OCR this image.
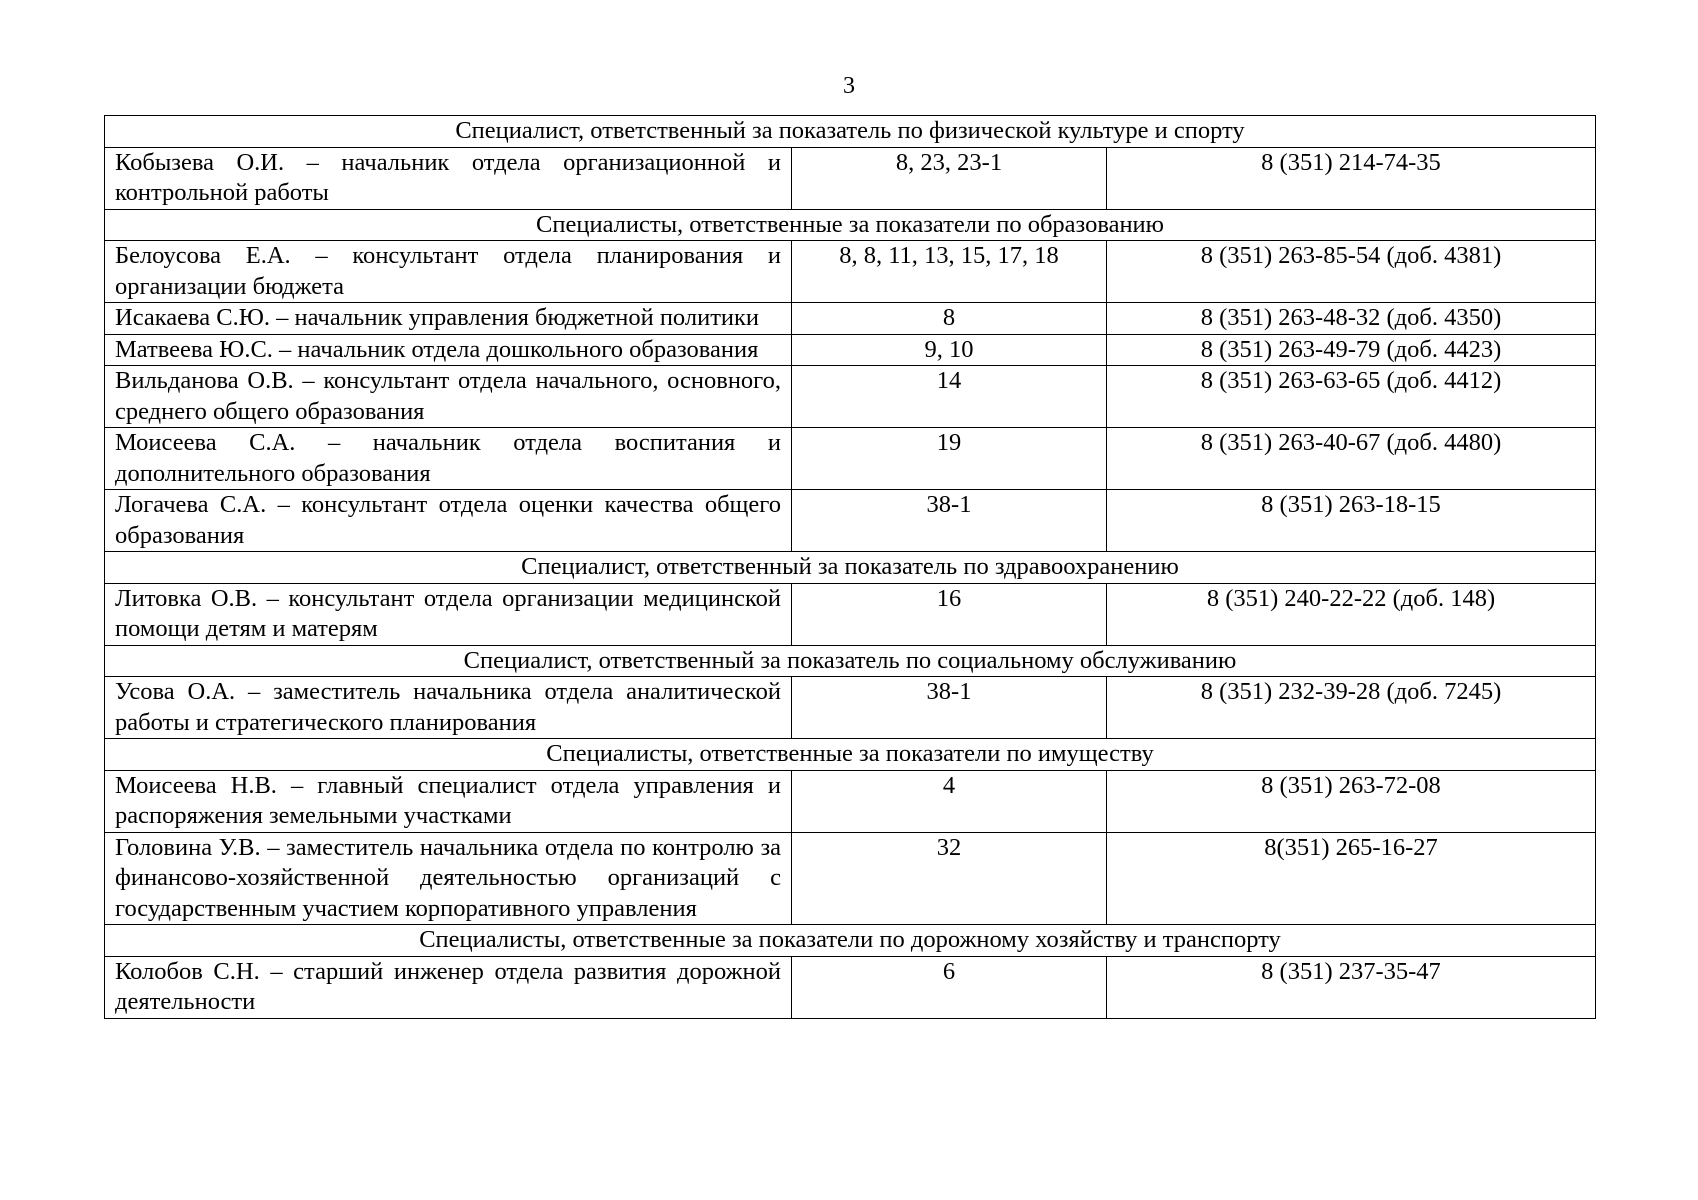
3
Специалист, ответственный за показатель по физической культуре и спорту		
Кобызева О.И. – начальник отдела организационной и контрольной работы	8, 23, 23-1	8 (351) 214-74-35
Специалисты, ответственные за показатели по образованию		
Белоусова Е.А. – консультант отдела планирования и организации бюджета	8, 8, 11, 13, 15, 17, 18	8 (351) 263-85-54 (доб. 4381)
Исакаева С.Ю. – начальник управления бюджетной политики	8	8 (351) 263-48-32 (доб. 4350)
Матвеева Ю.С. – начальник отдела дошкольного образования	9, 10	8 (351) 263-49-79 (доб. 4423)
Вильданова О.В. – консультант отдела начального, основного, среднего общего образования	14	8 (351) 263-63-65 (доб. 4412)
Моисеева С.А. – начальник отдела воспитания и дополнительного образования	19	8 (351) 263-40-67 (доб. 4480)
Логачева С.А. – консультант отдела оценки качества общего образования	38-1	8 (351) 263-18-15
Специалист, ответственный за показатель по здравоохранению		
Литовка О.В. – консультант отдела организации медицинской помощи детям и матерям	16	8 (351) 240-22-22 (доб. 148)
Специалист, ответственный за показатель по социальному обслуживанию		
Усова О.А. – заместитель начальника отдела аналитической работы и стратегического планирования	38-1	8 (351) 232-39-28 (доб. 7245)
Специалисты, ответственные за показатели по имуществу		
Моисеева Н.В. – главный специалист отдела управления и распоряжения земельными участками	4	8 (351) 263-72-08
Головина У.В. – заместитель начальника отдела по контролю за финансово-хозяйственной деятельностью организаций с государственным участием корпоративного управления	32	8(351) 265-16-27
Специалисты, ответственные за показатели по дорожному хозяйству и транспорту		
Колобов С.Н. – старший инженер отдела развития дорожной деятельности	6	8 (351) 237-35-47
